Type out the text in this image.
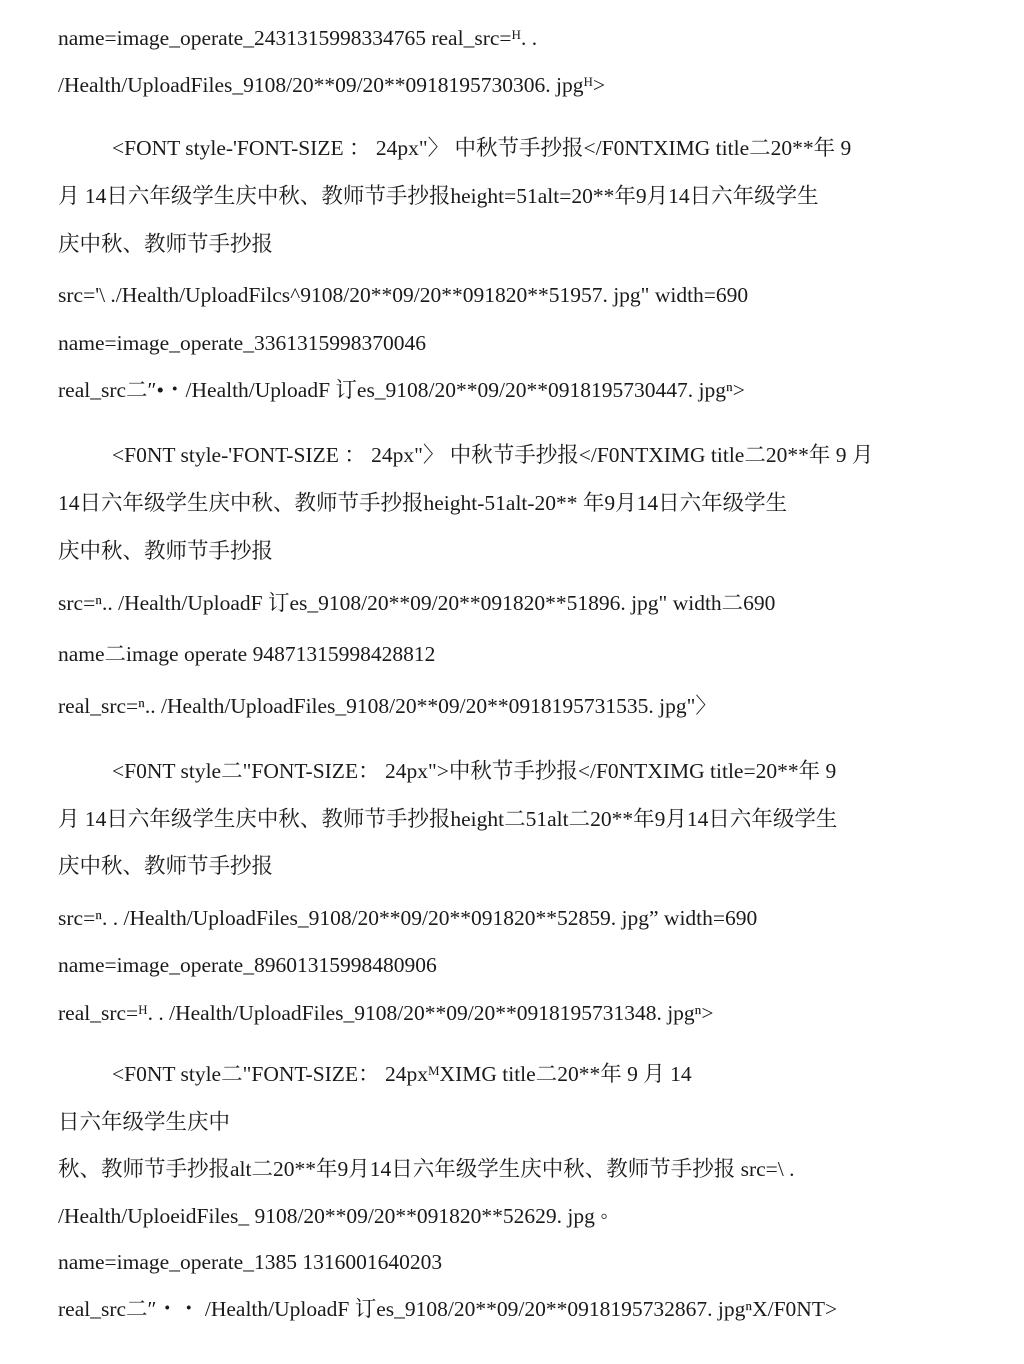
name=image_operate_2431315998334765 real_src=ᴴ. .
/Health/UploadFiles_9108/20**09/20**0918195730306. jpgᴴ>
<FONT style-'FONT-SIZE ： 24px"〉 中秋节手抄报</F0NTXIMG title二20**年 9
月 14日六年级学生庆中秋、教师节手抄报height=51alt=20**年9月14日六年级学生
庆中秋、教师节手抄报
src='\ ./Health/UploadFilcs^9108/20**09/20**091820**51957. jpg" width=690
name=image_operate_3361315998370046
real_src二″•・/Health/UploadF 订es_9108/20**09/20**0918195730447. jpgⁿ>
<F0NT style-'FONT-SIZE ： 24px"〉 中秋节手抄报</F0NTXIMG title二20**年 9 月
14日六年级学生庆中秋、教师节手抄报height-51alt-20** 年9月14日六年级学生
庆中秋、教师节手抄报
src=ⁿ.. /Health/UploadF 订es_9108/20**09/20**091820**51896. jpg" width二690
name二image operate 94871315998428812
real_src=ⁿ.. /Health/UploadFiles_9108/20**09/20**0918195731535. jpg"〉
<F0NT style二"FONT-SIZE： 24px">中秋节手抄报</F0NTXIMG title=20**年 9
月 14日六年级学生庆中秋、教师节手抄报height二51alt二20**年9月14日六年级学生
庆中秋、教师节手抄报
src=ⁿ. . /Health/UploadFiles_9108/20**09/20**091820**52859. jpg” width=690
name=image_operate_89601315998480906
real_src=ᴴ. . /Health/UploadFiles_9108/20**09/20**0918195731348. jpgⁿ>
<F0NT style二"FONT-SIZE： 24pxᴹXIMG title二20**年 9 月 14
日六年级学生庆中
秋、教师节手抄报alt二20**年9月14日六年级学生庆中秋、教师节手抄报 src=\ .
/Health/UploeidFiles_ 9108/20**09/20**091820**52629. jpg ◦
name=image_operate_1385 1316001640203
real_src二″・・ /Health/UploadF 订es_9108/20**09/20**0918195732867. jpgⁿX/F0NT>
